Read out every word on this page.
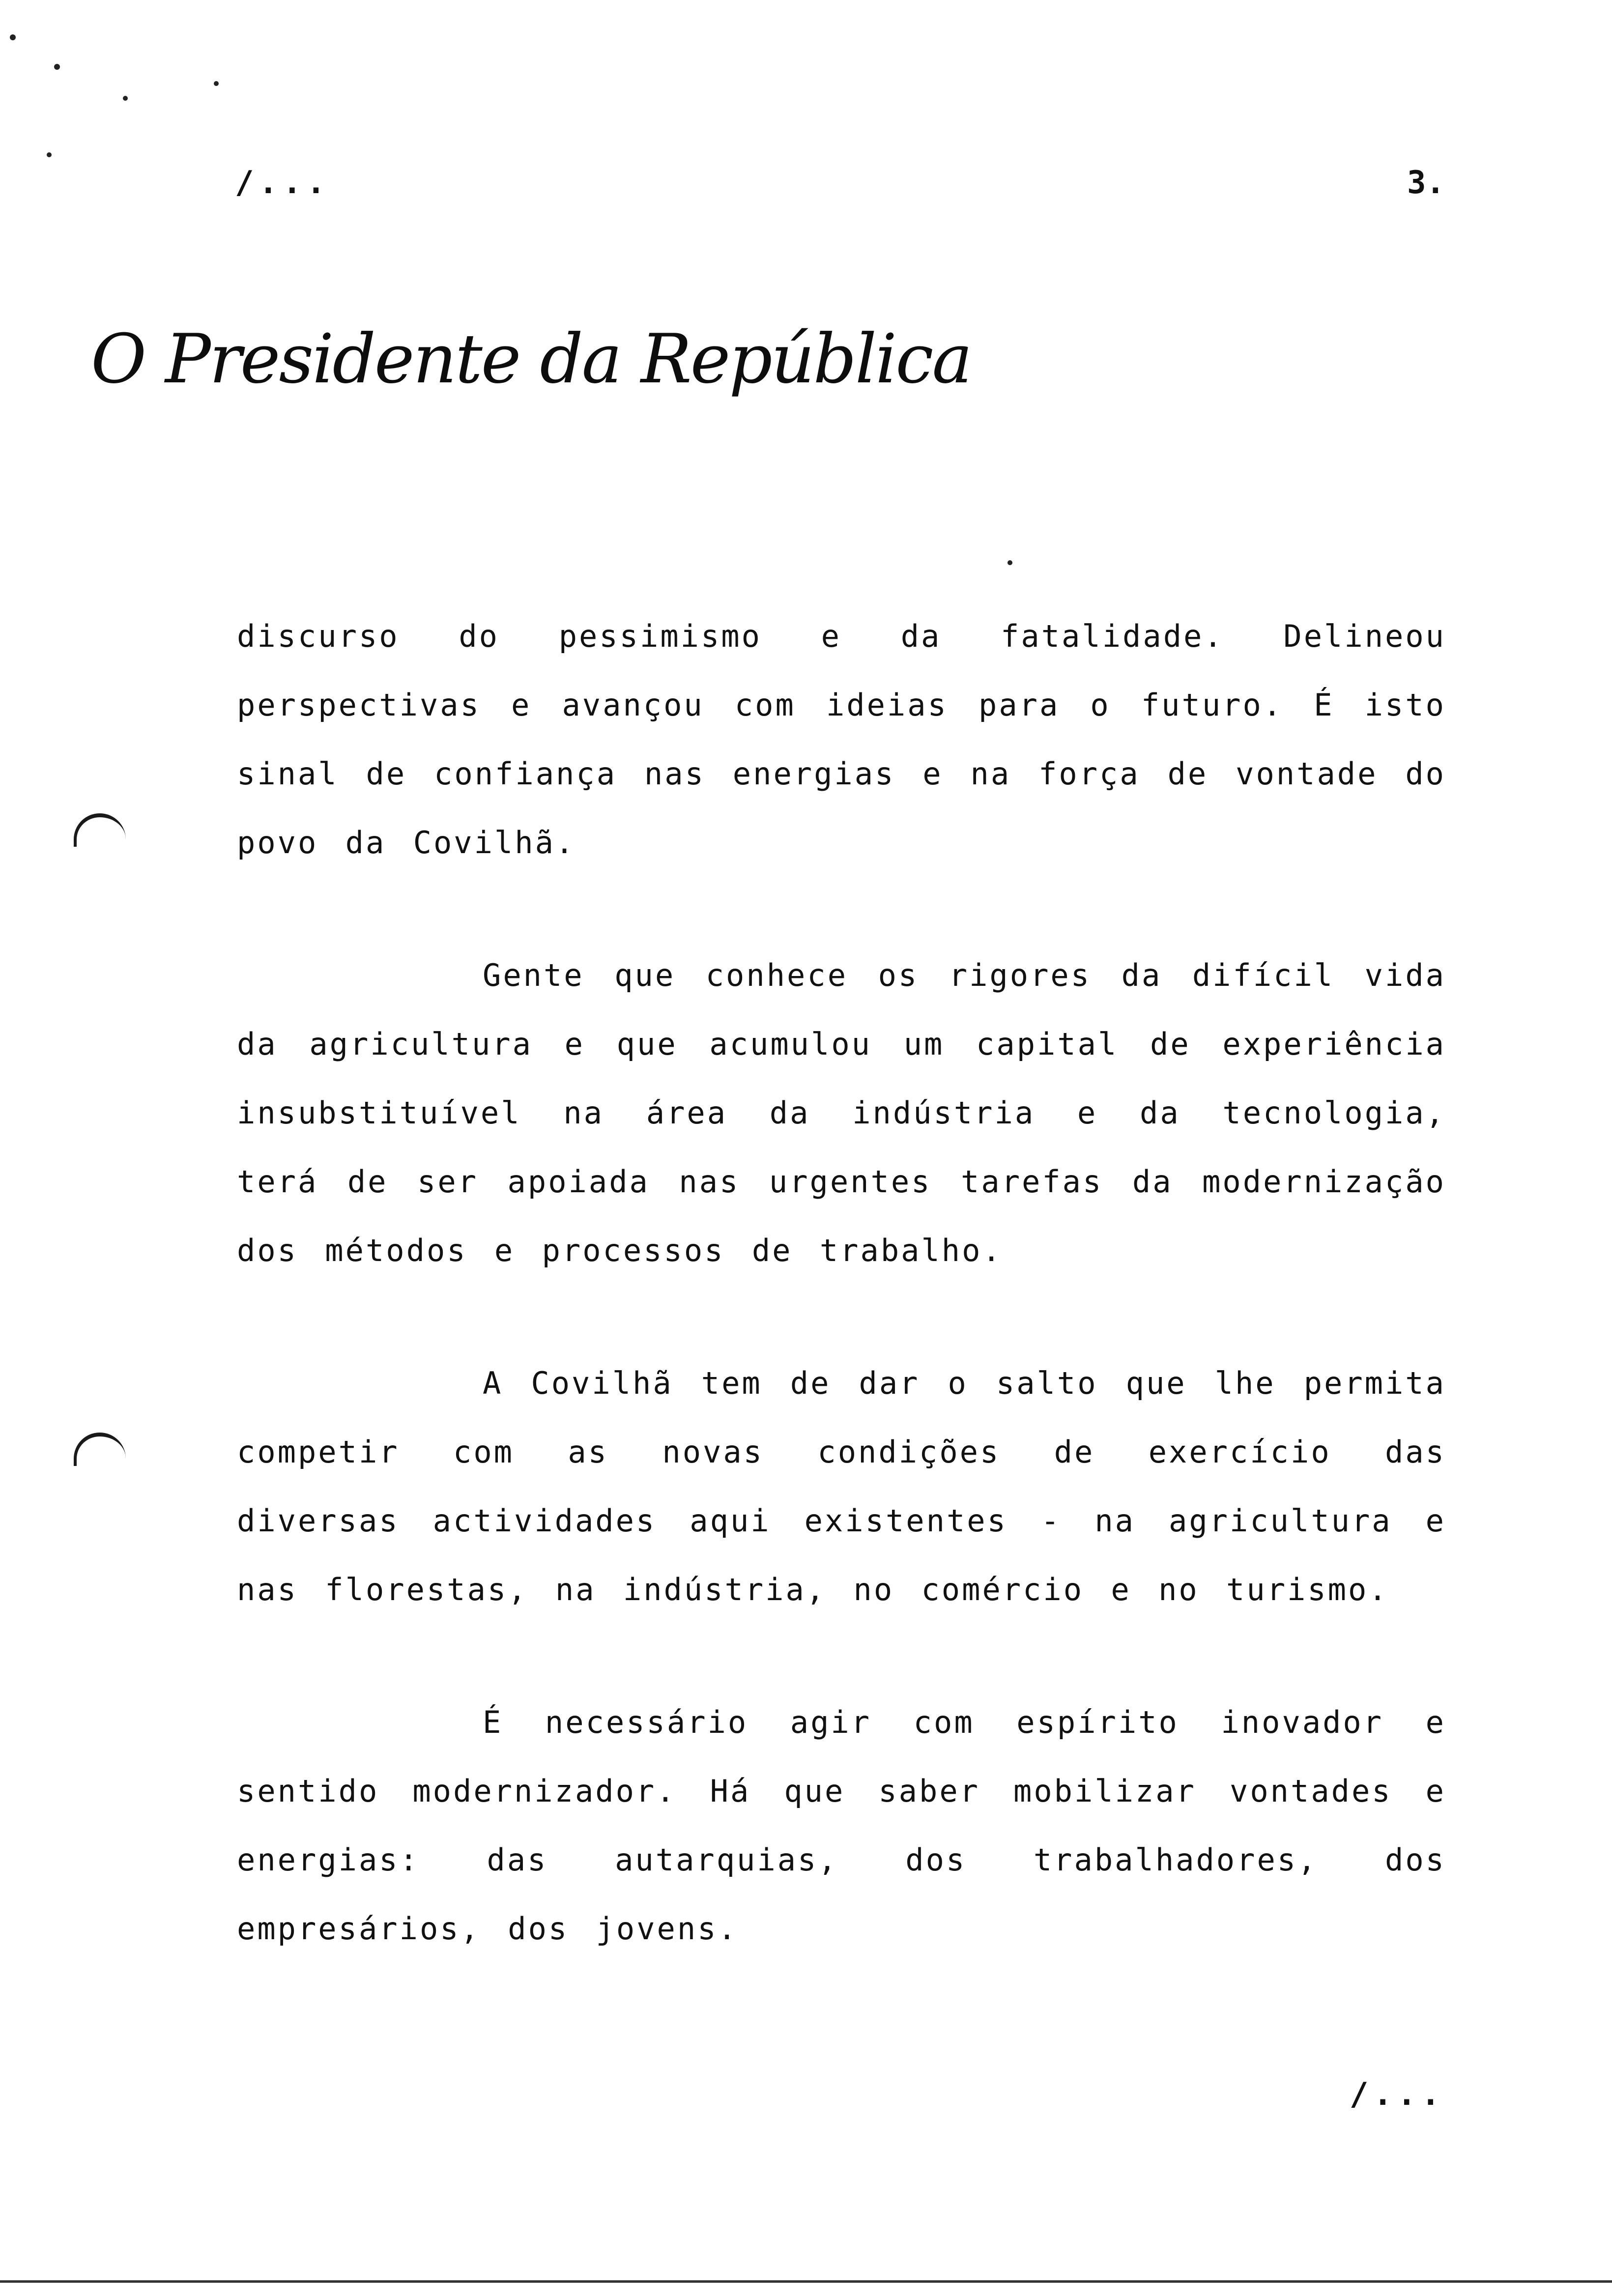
/...	3.
O Presidente da República

discurso do pessimismo e da fatalidade. Delineou perspectivas e avançou com ideias para o futuro. É isto sinal de confiança nas energias e na força de vontade do povo da Covilhã.

Gente que conhece os rigores da difícil vida da agricultura e que acumulou um capital de experiência insubstituível na área da indústria e da tecnologia, terá de ser apoiada nas urgentes tarefas da modernização dos métodos e processos de trabalho.

A Covilhã tem de dar o salto que lhe permita competir com as novas condições de exercício das diversas actividades aqui existentes - na agricultura e nas florestas, na indústria, no comércio e no turismo.

É necessário agir com espírito inovador e sentido modernizador. Há que saber mobilizar vontades e energias: das autarquias, dos trabalhadores, dos empresários, dos jovens.

/...
